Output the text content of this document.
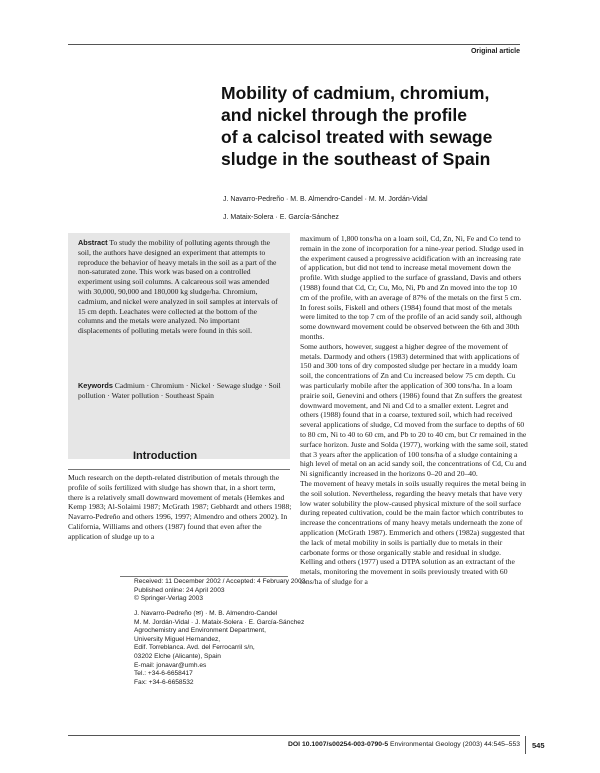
Original article
Mobility of cadmium, chromium,
and nickel through the profile
of a calcisol treated with sewage
sludge in the southeast of Spain
J. Navarro-Pedreño · M. B. Almendro-Candel · M. M. Jordán-Vidal
J. Mataix-Solera · E. García-Sánchez

Abstract To study the mobility of polluting agents through the soil, the authors have designed an experiment that attempts to reproduce the behavior of heavy metals in the soil as a part of the non-saturated zone. This work was based on a controlled experiment using soil columns. A calcareous soil was amended with 30,000, 90,000 and 180,000 kg sludge/ha. Chromium, cadmium, and nickel were analyzed in soil samples at intervals of 15 cm depth. Leachates were collected at the bottom of the columns and the metals were analyzed. No important displacements of polluting metals were found in this soil.

Keywords Cadmium · Chromium · Nickel · Sewage sludge · Soil pollution · Water pollution · Southeast Spain

Introduction

Much research on the depth-related distribution of metals through the profile of soils fertilized with sludge has shown that, in a short term, there is a relatively small downward movement of metals (Hemkes and Kemp 1983; Al-Solaimi 1987; McGrath 1987; Gebhardt and others 1988; Navarro-Pedreño and others 1996, 1997; Almendro and others 2002). In California, Williams and others (1987) found that even after the application of sludge up to a

maximum of 1,800 tons/ha on a loam soil, Cd, Zn, Ni, Fe and Co tend to remain in the zone of incorporation for a nine-year period. Sludge used in the experiment caused a progressive acidification with an increasing rate of application, but did not tend to increase metal movement down the profile. With sludge applied to the surface of grassland, Davis and others (1988) found that Cd, Cr, Cu, Mo, Ni, Pb and Zn moved into the top 10 cm of the profile, with an average of 87% of the metals on the first 5 cm. In forest soils, Fiskell and others (1984) found that most of the metals were limited to the top 7 cm of the profile of an acid sandy soil, although some downward movement could be observed between the 6th and 30th months.
Some authors, however, suggest a higher degree of the movement of metals. Darmody and others (1983) determined that with applications of 150 and 300 tons of dry composted sludge per hectare in a muddy loam soil, the concentrations of Zn and Cu increased below 75 cm depth. Cu was particularly mobile after the application of 300 tons/ha. In a loam prairie soil, Genevini and others (1986) found that Zn suffers the greatest downward movement, and Ni and Cd to a smaller extent. Legret and others (1988) found that in a coarse, textured soil, which had received several applications of sludge, Cd moved from the surface to depths of 60 to 80 cm, Ni to 40 to 60 cm, and Pb to 20 to 40 cm, but Cr remained in the surface horizon. Juste and Solda (1977), working with the same soil, stated that 3 years after the application of 100 tons/ha of a sludge containing a high level of metal on an acid sandy soil, the concentrations of Cd, Cu and Ni significantly increased in the horizons 0–20 and 20–40.
The movement of heavy metals in soils usually requires the metal being in the soil solution. Nevertheless, regarding the heavy metals that have very low water solubility the plow-caused physical mixture of the soil surface during repeated cultivation, could be the main factor which contributes to increase the concentrations of many heavy metals underneath the zone of application (McGrath 1987). Emmerich and others (1982a) suggested that the lack of metal mobility in soils is partially due to metals in their carbonate forms or those organically stable and residual in sludge.
Kelling and others (1977) used a DTPA solution as an extractant of the metals, monitoring the movement in soils previously treated with 60 tons/ha of sludge for a
Received: 11 December 2002 / Accepted: 4 February 2003
Published online: 24 April 2003
© Springer-Verlag 2003
J. Navarro-Pedreño (✉) · M. B. Almendro-Candel
M. M. Jordán-Vidal · J. Mataix-Solera · E. García-Sánchez
Agrochemistry and Environment Department,
University Miguel Hernandez,
Edif. Torreblanca. Avd. del Ferrocarril s/n,
03202 Elche (Alicante), Spain
E-mail: jonavar@umh.es
Tel.: +34-6-6658417
Fax: +34-6-6658532
DOI 10.1007/s00254-003-0790-5 Environmental Geology (2003) 44:545–553 545
